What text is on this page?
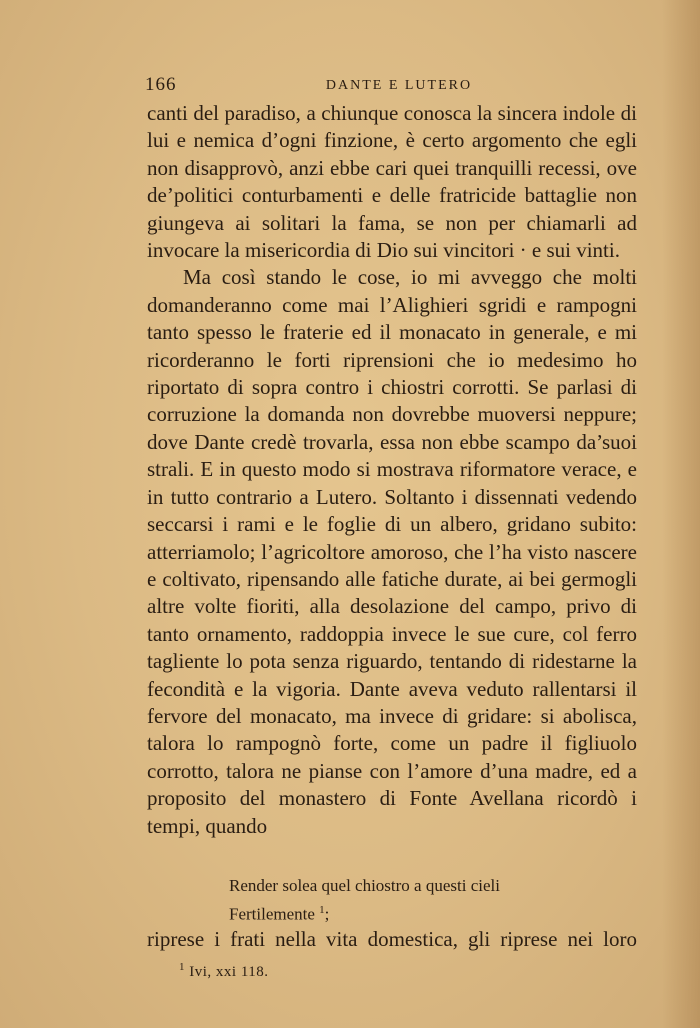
166	DANTE E LUTERO

canti del paradiso, a chiunque conosca la sincera indole di lui e nemica d’ogni finzione, è certo argomento che egli non disapprovò, anzi ebbe cari quei tranquilli recessi, ove de’politici conturbamenti e delle fratricide battaglie non giungeva ai solitari la fama, se non per chiamarli ad invocare la misericordia di Dio sui vincitori · e sui vinti.

Ma così stando le cose, io mi avveggo che molti domanderanno come mai l’Alighieri sgridi e rampogni tanto spesso le fraterie ed il monacato in generale, e mi ricorderanno le forti riprensioni che io medesimo ho riportato di sopra contro i chiostri corrotti. Se parlasi di corruzione la domanda non dovrebbe muoversi neppure; dove Dante credè trovarla, essa non ebbe scampo da’suoi strali. E in questo modo si mostrava riformatore verace, e in tutto contrario a Lutero. Soltanto i dissennati vedendo seccarsi i rami e le foglie di un albero, gridano subito: atterriamolo; l’agricoltore amoroso, che l’ha visto nascere e coltivato, ripensando alle fatiche durate, ai bei germogli altre volte fioriti, alla desolazione del campo, privo di tanto ornamento, raddoppia invece le sue cure, col ferro tagliente lo pota senza riguardo, tentando di ridestarne la fecondità e la vigoria. Dante aveva veduto rallentarsi il fervore del monacato, ma invece di gridare: si abolisca, talora lo rampognò forte, come un padre il figliuolo corrotto, talora ne pianse con l’amore d’una madre, ed a proposito del monastero di Fonte Avellana ricordò i tempi, quando

Render solea quel chiostro a questi cieli
Fertilemente $^1$;
riprese i frati nella vita domestica, gli riprese nei loro
$^1$ Ivi, xxi 118.
